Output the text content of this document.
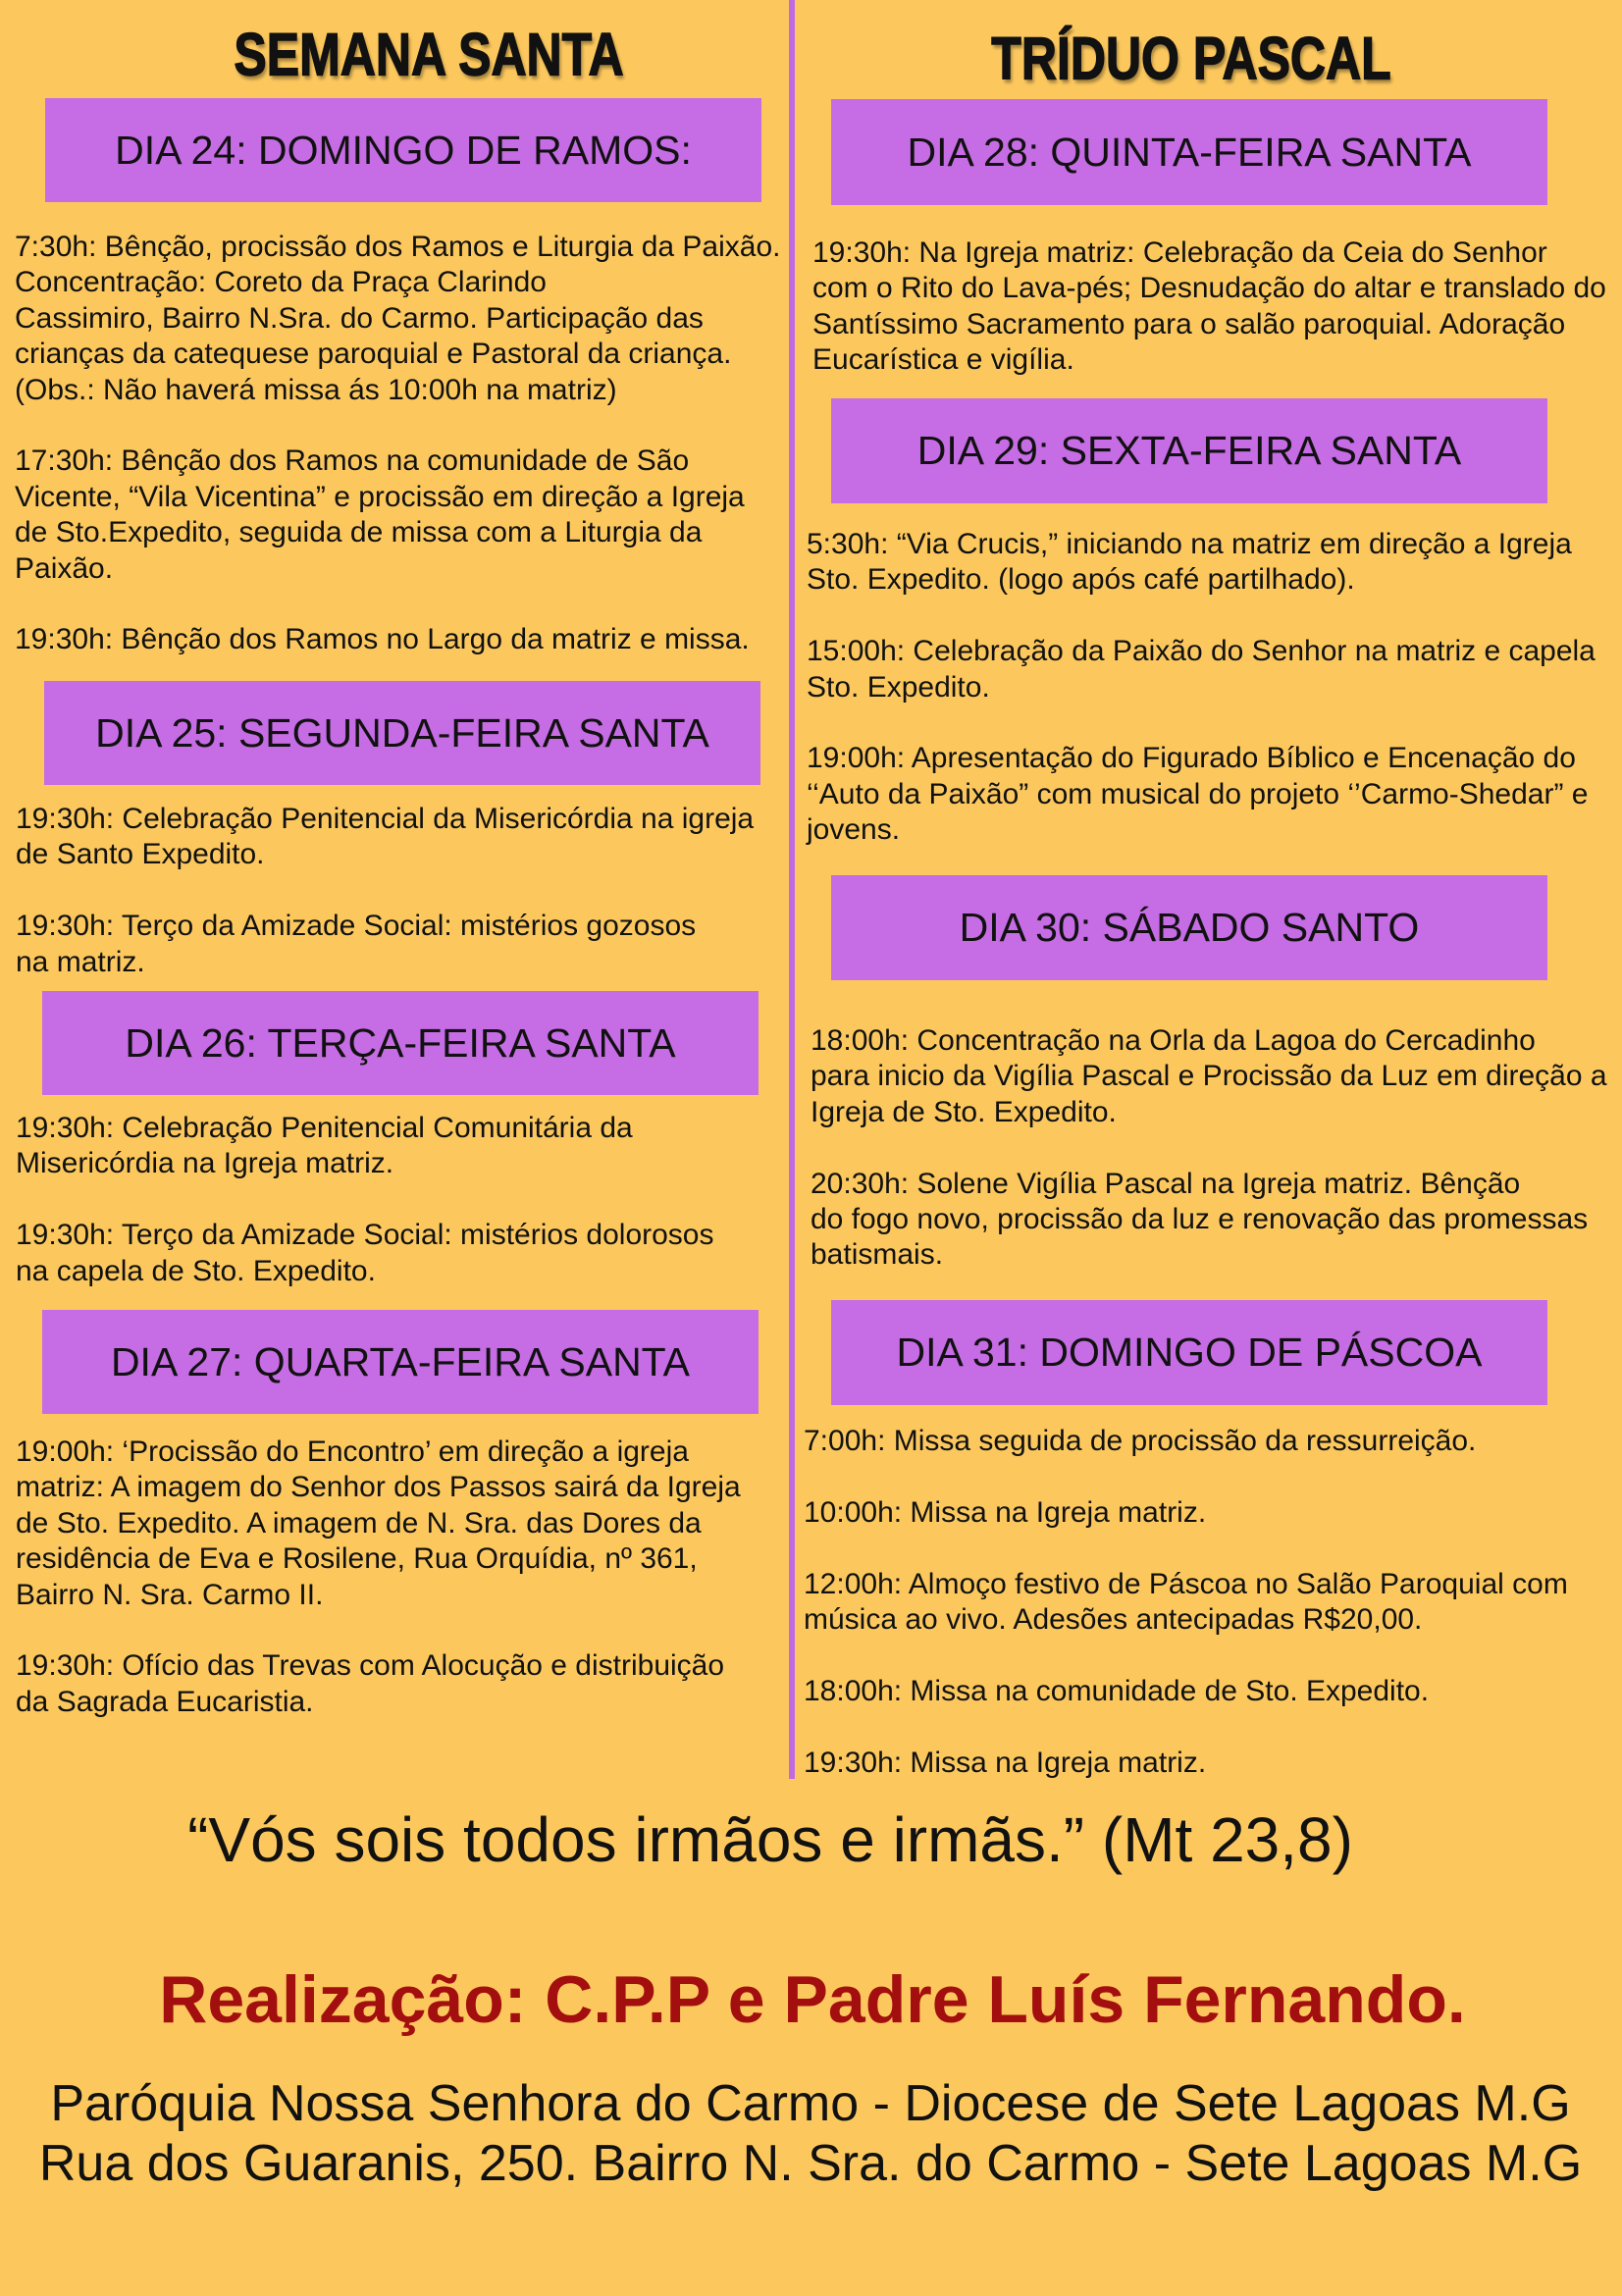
SEMANA SANTA	TRÍDUO PASCAL
DIA 24: DOMINGO DE RAMOS:

7:30h: Bênção, procissão dos Ramos e Liturgia da Paixão.
Concentração: Coreto da Praça Clarindo
Cassimiro, Bairro N.Sra. do Carmo. Participação das
crianças da catequese paroquial e Pastoral da criança.
(Obs.: Não haverá missa ás 10:00h na matriz)

17:30h: Bênção dos Ramos na comunidade de São
Vicente, “Vila Vicentina” e procissão em direção a Igreja
de Sto.Expedito, seguida de missa com a Liturgia da
Paixão.

19:30h: Bênção dos Ramos no Largo da matriz e missa.

DIA 25: SEGUNDA-FEIRA SANTA

19:30h: Celebração Penitencial da Misericórdia na igreja
de Santo Expedito.

19:30h: Terço da Amizade Social: mistérios gozosos
na matriz.

DIA 26: TERÇA-FEIRA SANTA

19:30h: Celebração Penitencial Comunitária da
Misericórdia na Igreja matriz.

19:30h: Terço da Amizade Social: mistérios dolorosos
na capela de Sto. Expedito.

DIA 27: QUARTA-FEIRA SANTA

19:00h: ‘Procissão do Encontro’ em direção a igreja
matriz: A imagem do Senhor dos Passos sairá da Igreja
de Sto. Expedito. A imagem de N. Sra. das Dores da
residência de Eva e Rosilene, Rua Orquídia, nº 361,
Bairro N. Sra. Carmo II.

19:30h: Ofício das Trevas com Alocução e distribuição
da Sagrada Eucaristia.

DIA 28: QUINTA-FEIRA SANTA

19:30h: Na Igreja matriz: Celebração da Ceia do Senhor
com o Rito do Lava-pés; Desnudação do altar e translado do
Santíssimo Sacramento para o salão paroquial. Adoração
Eucarística e vigília.

DIA 29: SEXTA-FEIRA SANTA

5:30h: “Via Crucis,” iniciando na matriz em direção a Igreja
Sto. Expedito. (logo após café partilhado).

15:00h: Celebração da Paixão do Senhor na matriz e capela
Sto. Expedito.

19:00h: Apresentação do Figurado Bíblico e Encenação do
‘‘Auto da Paixão” com musical do projeto ‘’Carmo-Shedar” e
jovens.

DIA 30: SÁBADO SANTO

18:00h: Concentração na Orla da Lagoa do Cercadinho
para inicio da Vigília Pascal e Procissão da Luz em direção a
Igreja de Sto. Expedito.

20:30h: Solene Vigília Pascal na Igreja matriz. Bênção
do fogo novo, procissão da luz e renovação das promessas
batismais.

DIA 31: DOMINGO DE PÁSCOA

7:00h: Missa seguida de procissão da ressurreição.

10:00h: Missa na Igreja matriz.

12:00h: Almoço festivo de Páscoa no Salão Paroquial com
música ao vivo. Adesões antecipadas R$20,00.

18:00h: Missa na comunidade de Sto. Expedito.

19:30h: Missa na Igreja matriz.

“Vós sois todos irmãos e irmãs.” (Mt 23,8)
Realização: C.P.P e Padre Luís Fernando.
Paróquia Nossa Senhora do Carmo - Diocese de Sete Lagoas M.G
Rua dos Guaranis, 250. Bairro N. Sra. do Carmo - Sete Lagoas M.G
